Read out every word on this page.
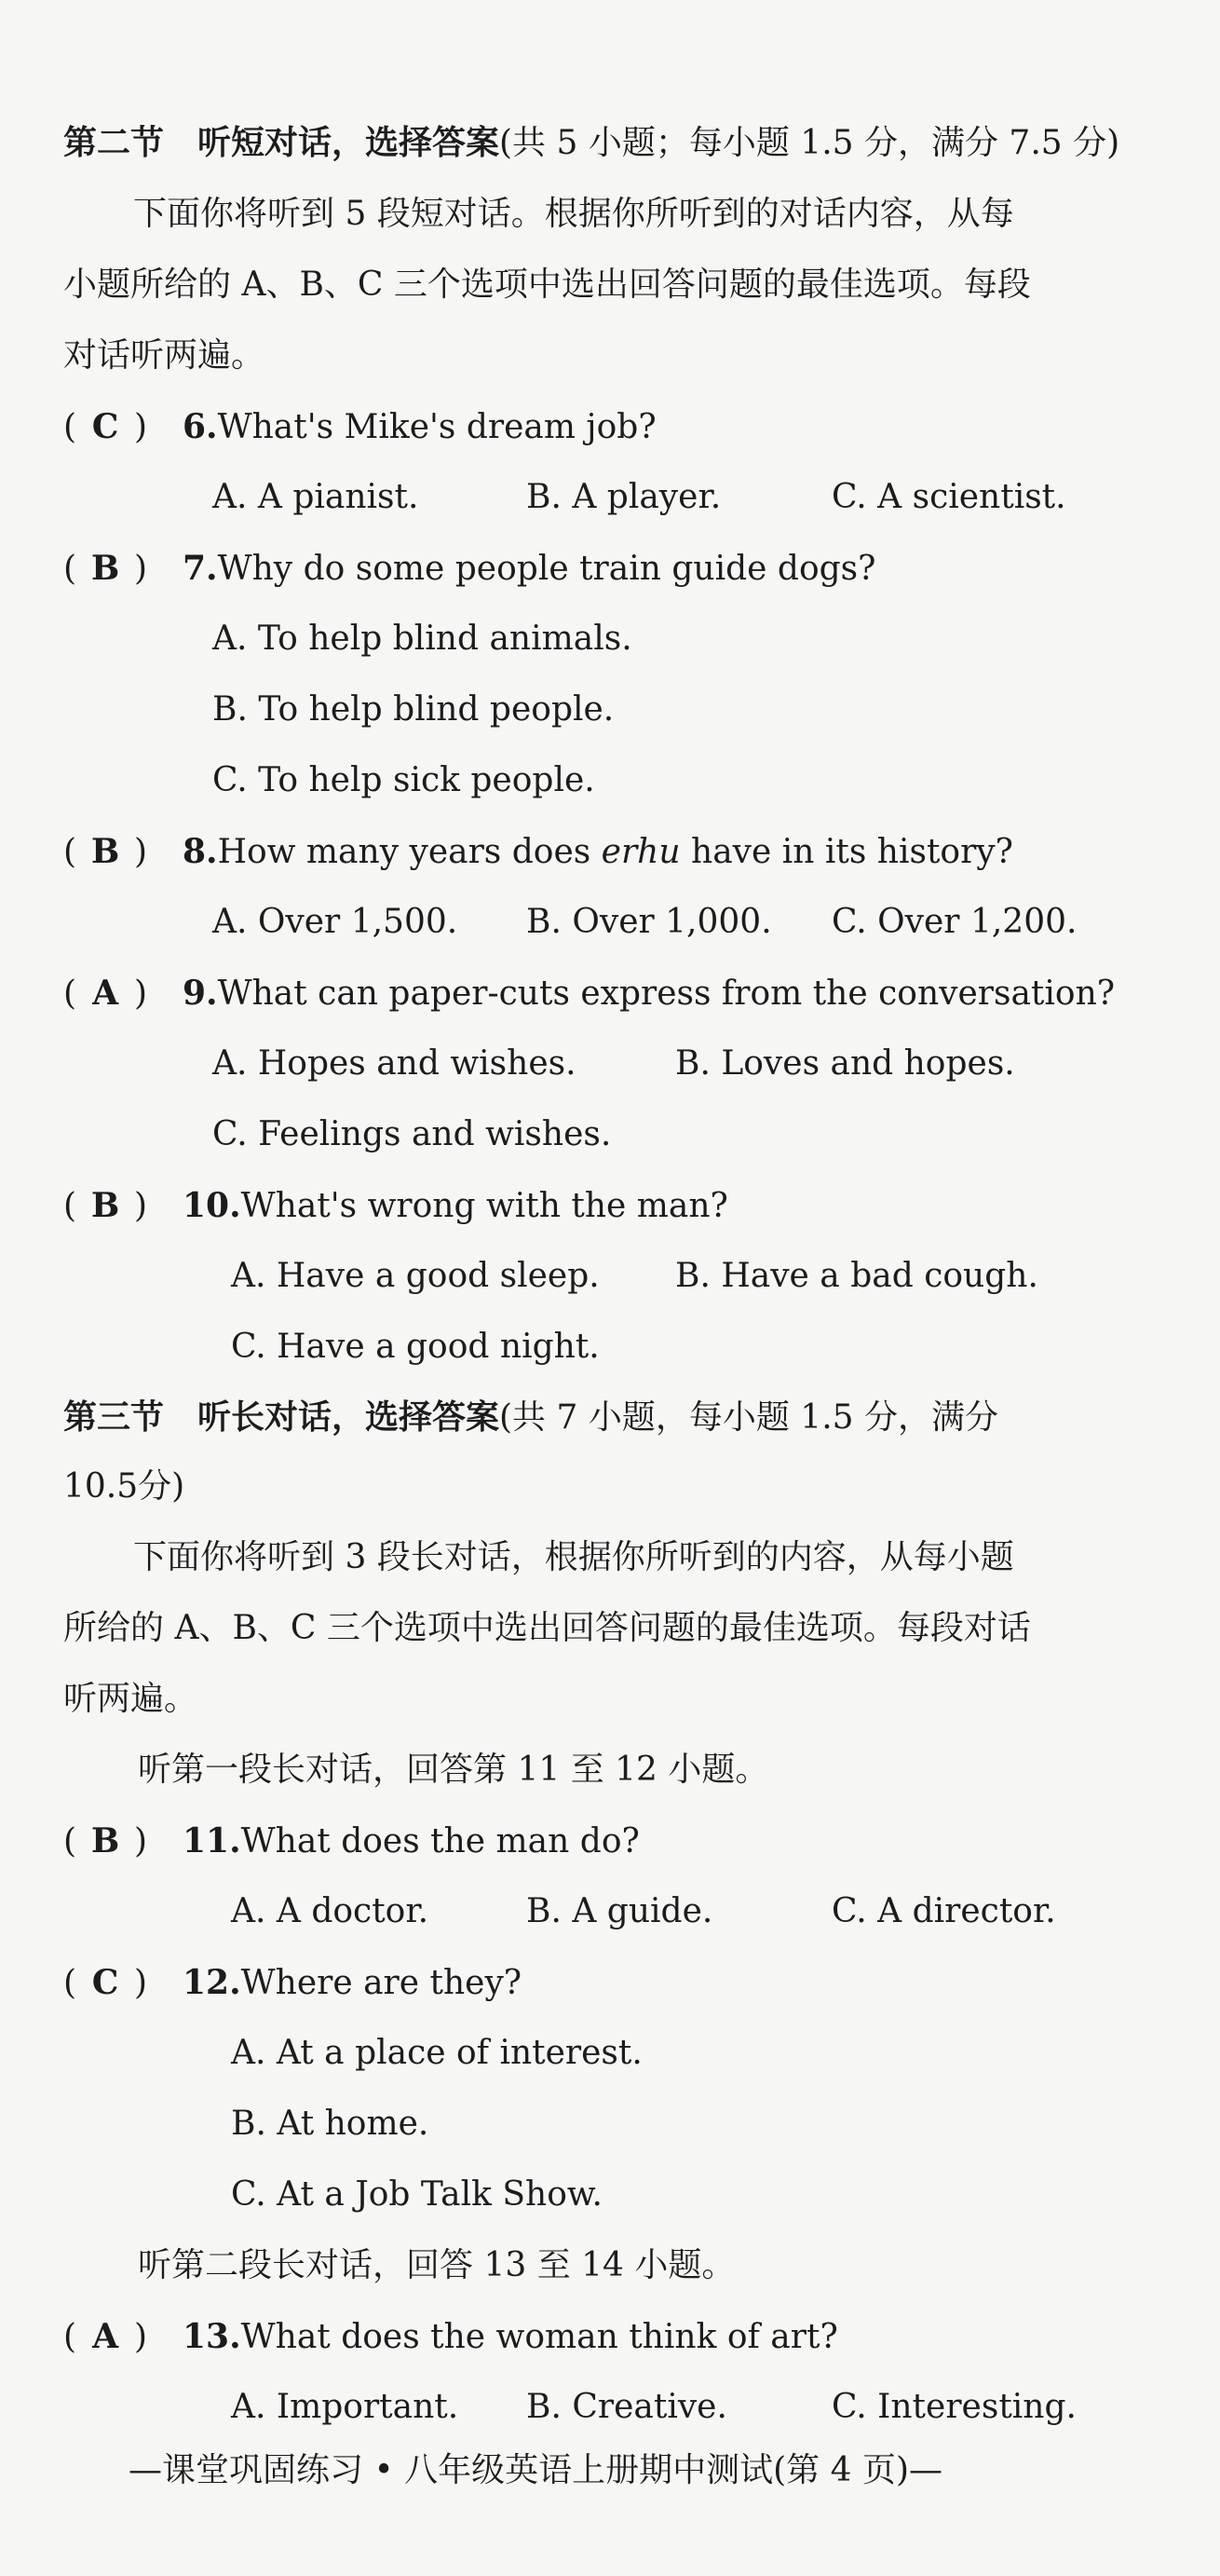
第二节　听短对话，选择答案(共 5 小题；每小题 1.5 分，满分 7.5 分)
下面你将听到 5 段短对话。根据你所听到的对话内容，从每
小题所给的 A、B、C 三个选项中选出回答问题的最佳选项。每段
对话听两遍。
( C ) 6.What's Mike's dream job?
A. A pianist.	B. A player.	C. A scientist.
( B ) 7.Why do some people train guide dogs?
A. To help blind animals.
B. To help blind people.
C. To help sick people.
( B ) 8.How many years does erhu have in its history?
A. Over 1,500. B. Over 1,000. C. Over 1,200.
( A ) 9.What can paper-cuts express from the conversation?
A. Hopes and wishes.	B. Loves and hopes.
C. Feelings and wishes.
( B ) 10.What's wrong with the man?
A. Have a good sleep. B. Have a bad cough.
C. Have a good night.
第三节　听长对话，选择答案(共 7 小题，每小题 1.5 分，满分
10.5分)
下面你将听到 3 段长对话，根据你所听到的内容，从每小题
所给的 A、B、C 三个选项中选出回答问题的最佳选项。每段对话
听两遍。
听第一段长对话，回答第 11 至 12 小题。
( B ) 11.What does the man do?
A. A doctor.	B. A guide.	C. A director.
( C ) 12.Where are they?
A. At a place of interest.
B. At home.
C. At a Job Talk Show.
听第二段长对话，回答 13 至 14 小题。
( A ) 13.What does the woman think of art?
A. Important. B. Creative.	C. Interesting.
—课堂巩固练习 • 八年级英语上册期中测试(第 4 页)—
